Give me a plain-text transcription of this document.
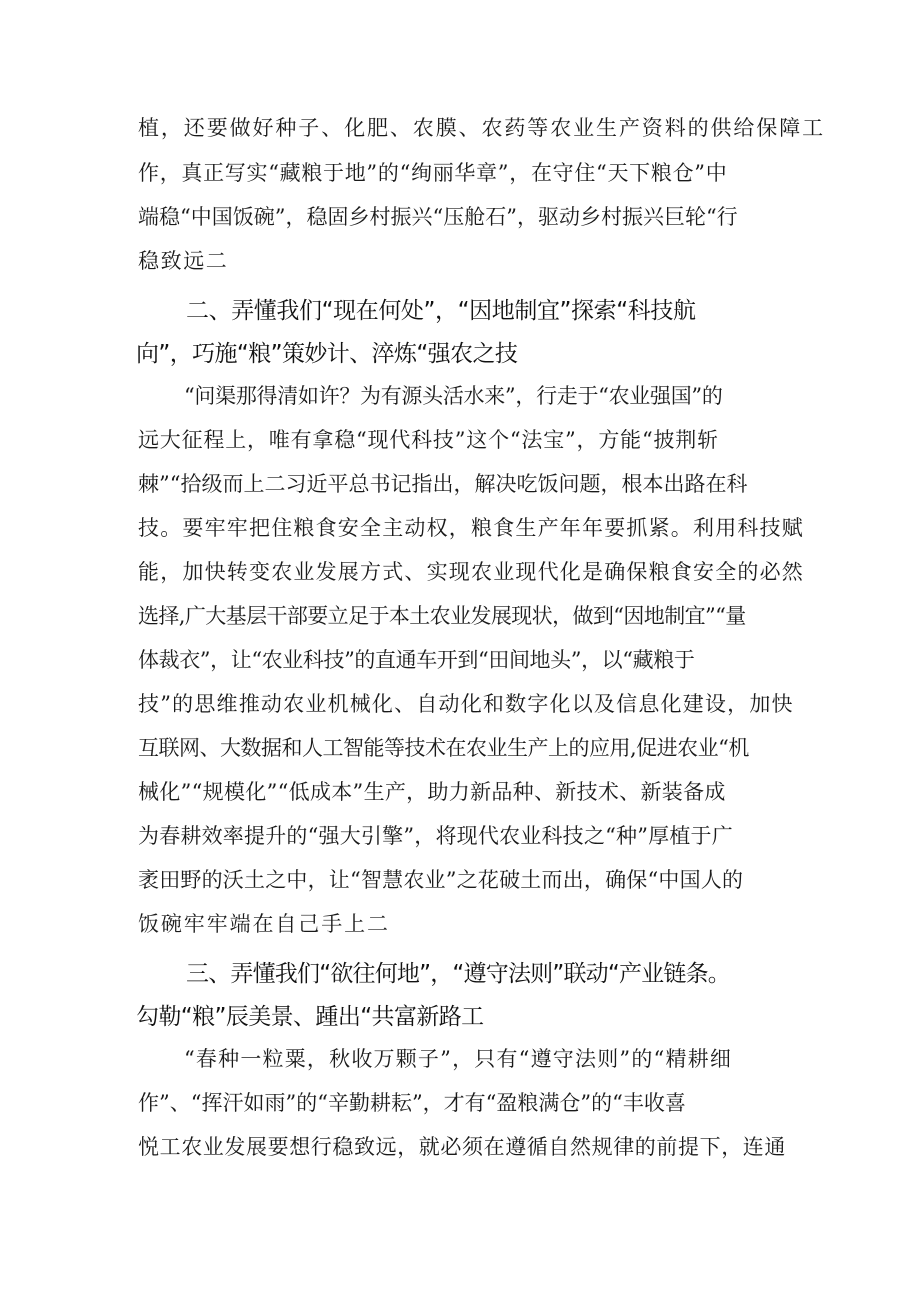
植，还要做好种子、化肥、农膜、农药等农业生产资料的供给保障工
作，真正写实“藏粮于地”的“绚丽华章”，在守住“天下粮仓”中
端稳“中国饭碗”，稳固乡村振兴“压舱石”，驱动乡村振兴巨轮“行
稳致远二
二、弄懂我们“现在何处”，“因地制宜”探索“科技航
向”，巧施“粮”策妙计、淬炼“强农之技
“问渠那得清如许？为有源头活水来”，行走于“农业强国”的
远大征程上，唯有拿稳“现代科技”这个“法宝”，方能“披荆斩
棘”“拾级而上二习近平总书记指出，解决吃饭问题，根本出路在科
技。要牢牢把住粮食安全主动权，粮食生产年年要抓紧。利用科技赋
能，加快转变农业发展方式、实现农业现代化是确保粮食安全的必然
选择,广大基层干部要立足于本土农业发展现状，做到“因地制宜”“量
体裁衣”，让“农业科技”的直通车开到“田间地头”，以“藏粮于
技”的思维推动农业机械化、自动化和数字化以及信息化建设，加快
互联网、大数据和人工智能等技术在农业生产上的应用,促进农业“机
械化”“规模化”“低成本”生产，助力新品种、新技术、新装备成
为春耕效率提升的“强大引擎”，将现代农业科技之“种”厚植于广
袤田野的沃土之中，让“智慧农业”之花破土而出，确保“中国人的
饭碗牢牢端在自己手上二
三、弄懂我们“欲往何地”，“遵守法则”联动“产业链条。
勾勒“粮”辰美景、踵出“共富新路工
“春种一粒粟，秋收万颗子”，只有“遵守法则”的“精耕细
作”、“挥汗如雨”的“辛勤耕耘”，才有“盈粮满仓”的“丰收喜
悦工农业发展要想行稳致远，就必须在遵循自然规律的前提下，连通
